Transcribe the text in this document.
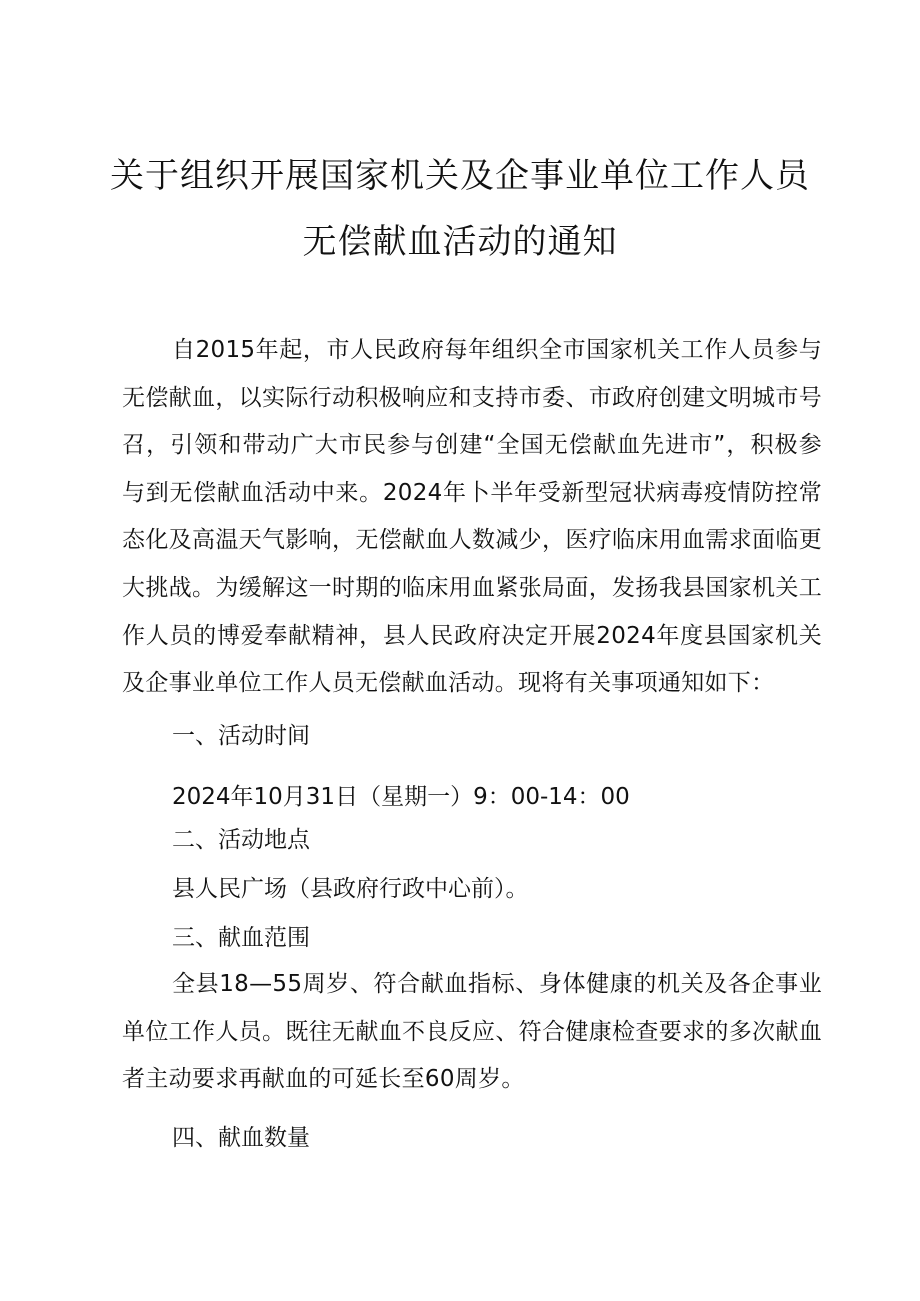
关于组织开展国家机关及企事业单位工作人员
无偿献血活动的通知

自2015年起，市人民政府每年组织全市国家机关工作人员参与无偿献血，以实际行动积极响应和支持市委、市政府创建文明城市号召，引领和带动广大市民参与创建“全国无偿献血先进市”，积极参与到无偿献血活动中来。2024年卜半年受新型冠状病毒疫情防控常态化及高温天气影响，无偿献血人数减少，医疗临床用血需求面临更大挑战。为缓解这一时期的临床用血紧张局面，发扬我县国家机关工作人员的博爱奉献精神，县人民政府决定开展2024年度县国家机关及企事业单位工作人员无偿献血活动。现将有关事项通知如下：

一、活动时间
2024年10月31日（星期一）9：00-14：00
二、活动地点
县人民广场（县政府行政中心前）。
三、献血范围

全县18—55周岁、符合献血指标、身体健康的机关及各企事业单位工作人员。既往无献血不良反应、符合健康检查要求的多次献血者主动要求再献血的可延长至60周岁。

四、献血数量
